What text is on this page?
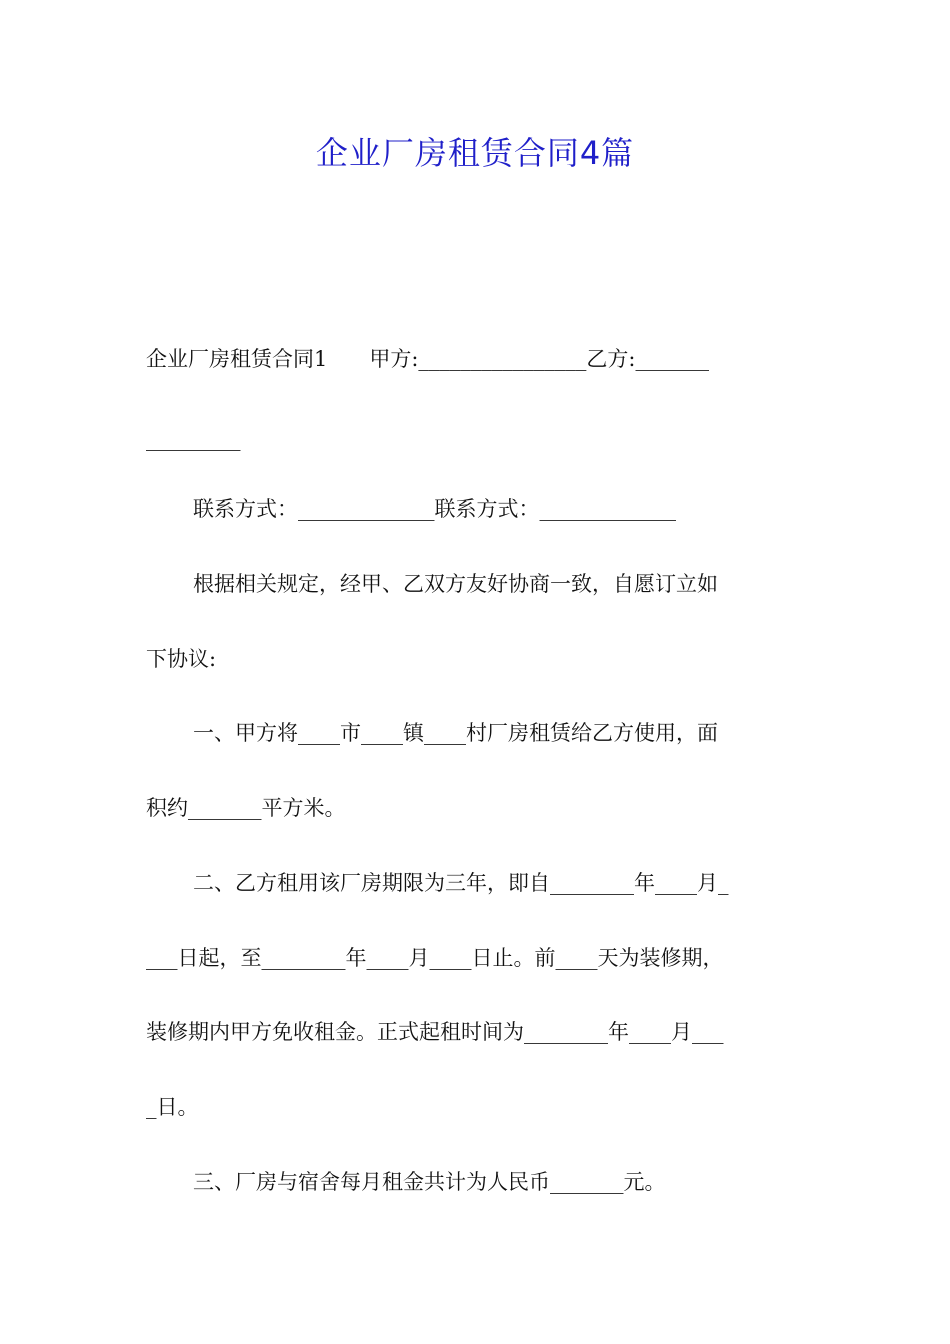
企业厂房租赁合同4篇
企业厂房租赁合同1　　甲方:________________乙方:_______
_________
联系方式：_____________联系方式：_____________
根据相关规定，经甲、乙双方友好协商一致，自愿订立如
下协议:
一、甲方将____市____镇____村厂房租赁给乙方使用，面
积约_______平方米。
二、乙方租用该厂房期限为三年，即自________年____月_
___日起，至________年____月____日止。前____天为装修期，
装修期内甲方免收租金。正式起租时间为________年____月___
_日。
三、厂房与宿舍每月租金共计为人民币_______元。
